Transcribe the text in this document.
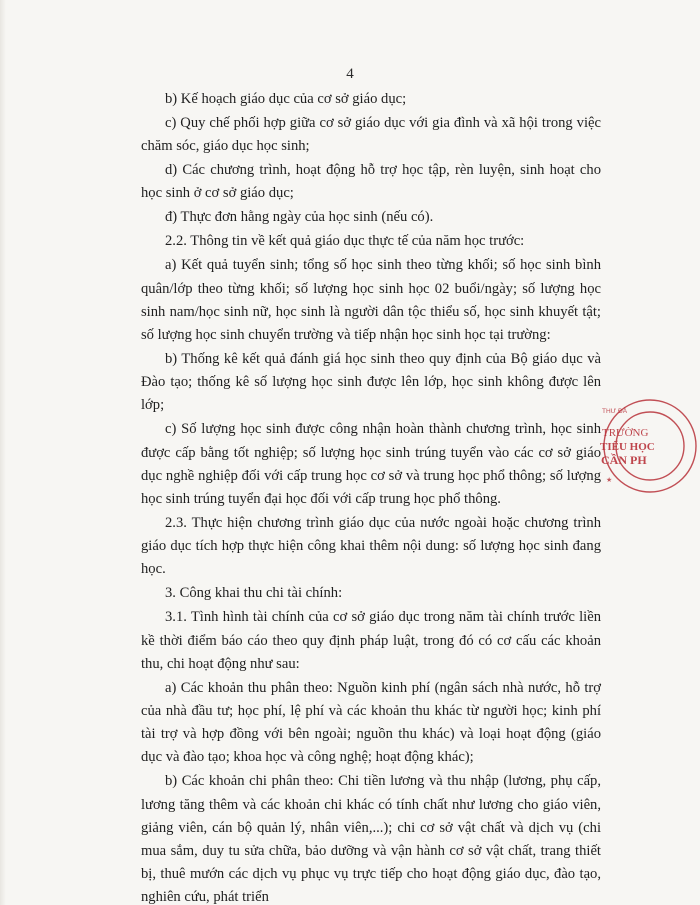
4

b) Kế hoạch giáo dục của cơ sở giáo dục;

c) Quy chế phối hợp giữa cơ sở giáo dục với gia đình và xã hội trong việc chăm sóc, giáo dục học sinh;

d) Các chương trình, hoạt động hỗ trợ học tập, rèn luyện, sinh hoạt cho học sinh ở cơ sở giáo dục;

đ) Thực đơn hằng ngày của học sinh (nếu có).

2.2. Thông tin về kết quả giáo dục thực tế của năm học trước:

a) Kết quả tuyển sinh; tổng số học sinh theo từng khối; số học sinh bình quân/lớp theo từng khối; số lượng học sinh học 02 buổi/ngày; số lượng học sinh nam/học sinh nữ, học sinh là người dân tộc thiểu số, học sinh khuyết tật; số lượng học sinh chuyển trường và tiếp nhận học sinh học tại trường:

b) Thống kê kết quả đánh giá học sinh theo quy định của Bộ giáo dục và Đào tạo; thống kê số lượng học sinh được lên lớp, học sinh không được lên lớp;

c) Số lượng học sinh được công nhận hoàn thành chương trình, học sinh được cấp bằng tốt nghiệp; số lượng học sinh trúng tuyển vào các cơ sở giáo dục nghề nghiệp đối với cấp trung học cơ sở và trung học phổ thông; số lượng học sinh trúng tuyển đại học đối với cấp trung học phổ thông.

2.3. Thực hiện chương trình giáo dục của nước ngoài hoặc chương trình giáo dục tích hợp thực hiện công khai thêm nội dung: số lượng học sinh đang học.

3. Công khai thu chi tài chính:

3.1. Tình hình tài chính của cơ sở giáo dục trong năm tài chính trước liền kề thời điểm báo cáo theo quy định pháp luật, trong đó có cơ cấu các khoản thu, chi hoạt động như sau:

a) Các khoản thu phân theo: Nguồn kinh phí (ngân sách nhà nước, hỗ trợ của nhà đầu tư; học phí, lệ phí và các khoản thu khác từ người học; kinh phí tài trợ và hợp đồng với bên ngoài; nguồn thu khác) và loại hoạt động (giáo dục và đào tạo; khoa học và công nghệ; hoạt động khác);

b) Các khoản chi phân theo: Chi tiền lương và thu nhập (lương, phụ cấp, lương tăng thêm và các khoản chi khác có tính chất như lương cho giáo viên, giảng viên, cán bộ quản lý, nhân viên,...); chi cơ sở vật chất và dịch vụ (chi mua sắm, duy tu sửa chữa, bảo dưỡng và vận hành cơ sở vật chất, trang thiết bị, thuê mướn các dịch vụ phục vụ trực tiếp cho hoạt động giáo dục, đào tạo, nghiên cứu, phát triển

THƯ ĐÀ
TRƯỜNG
TIỂU HỌC
CẦN PH
★
